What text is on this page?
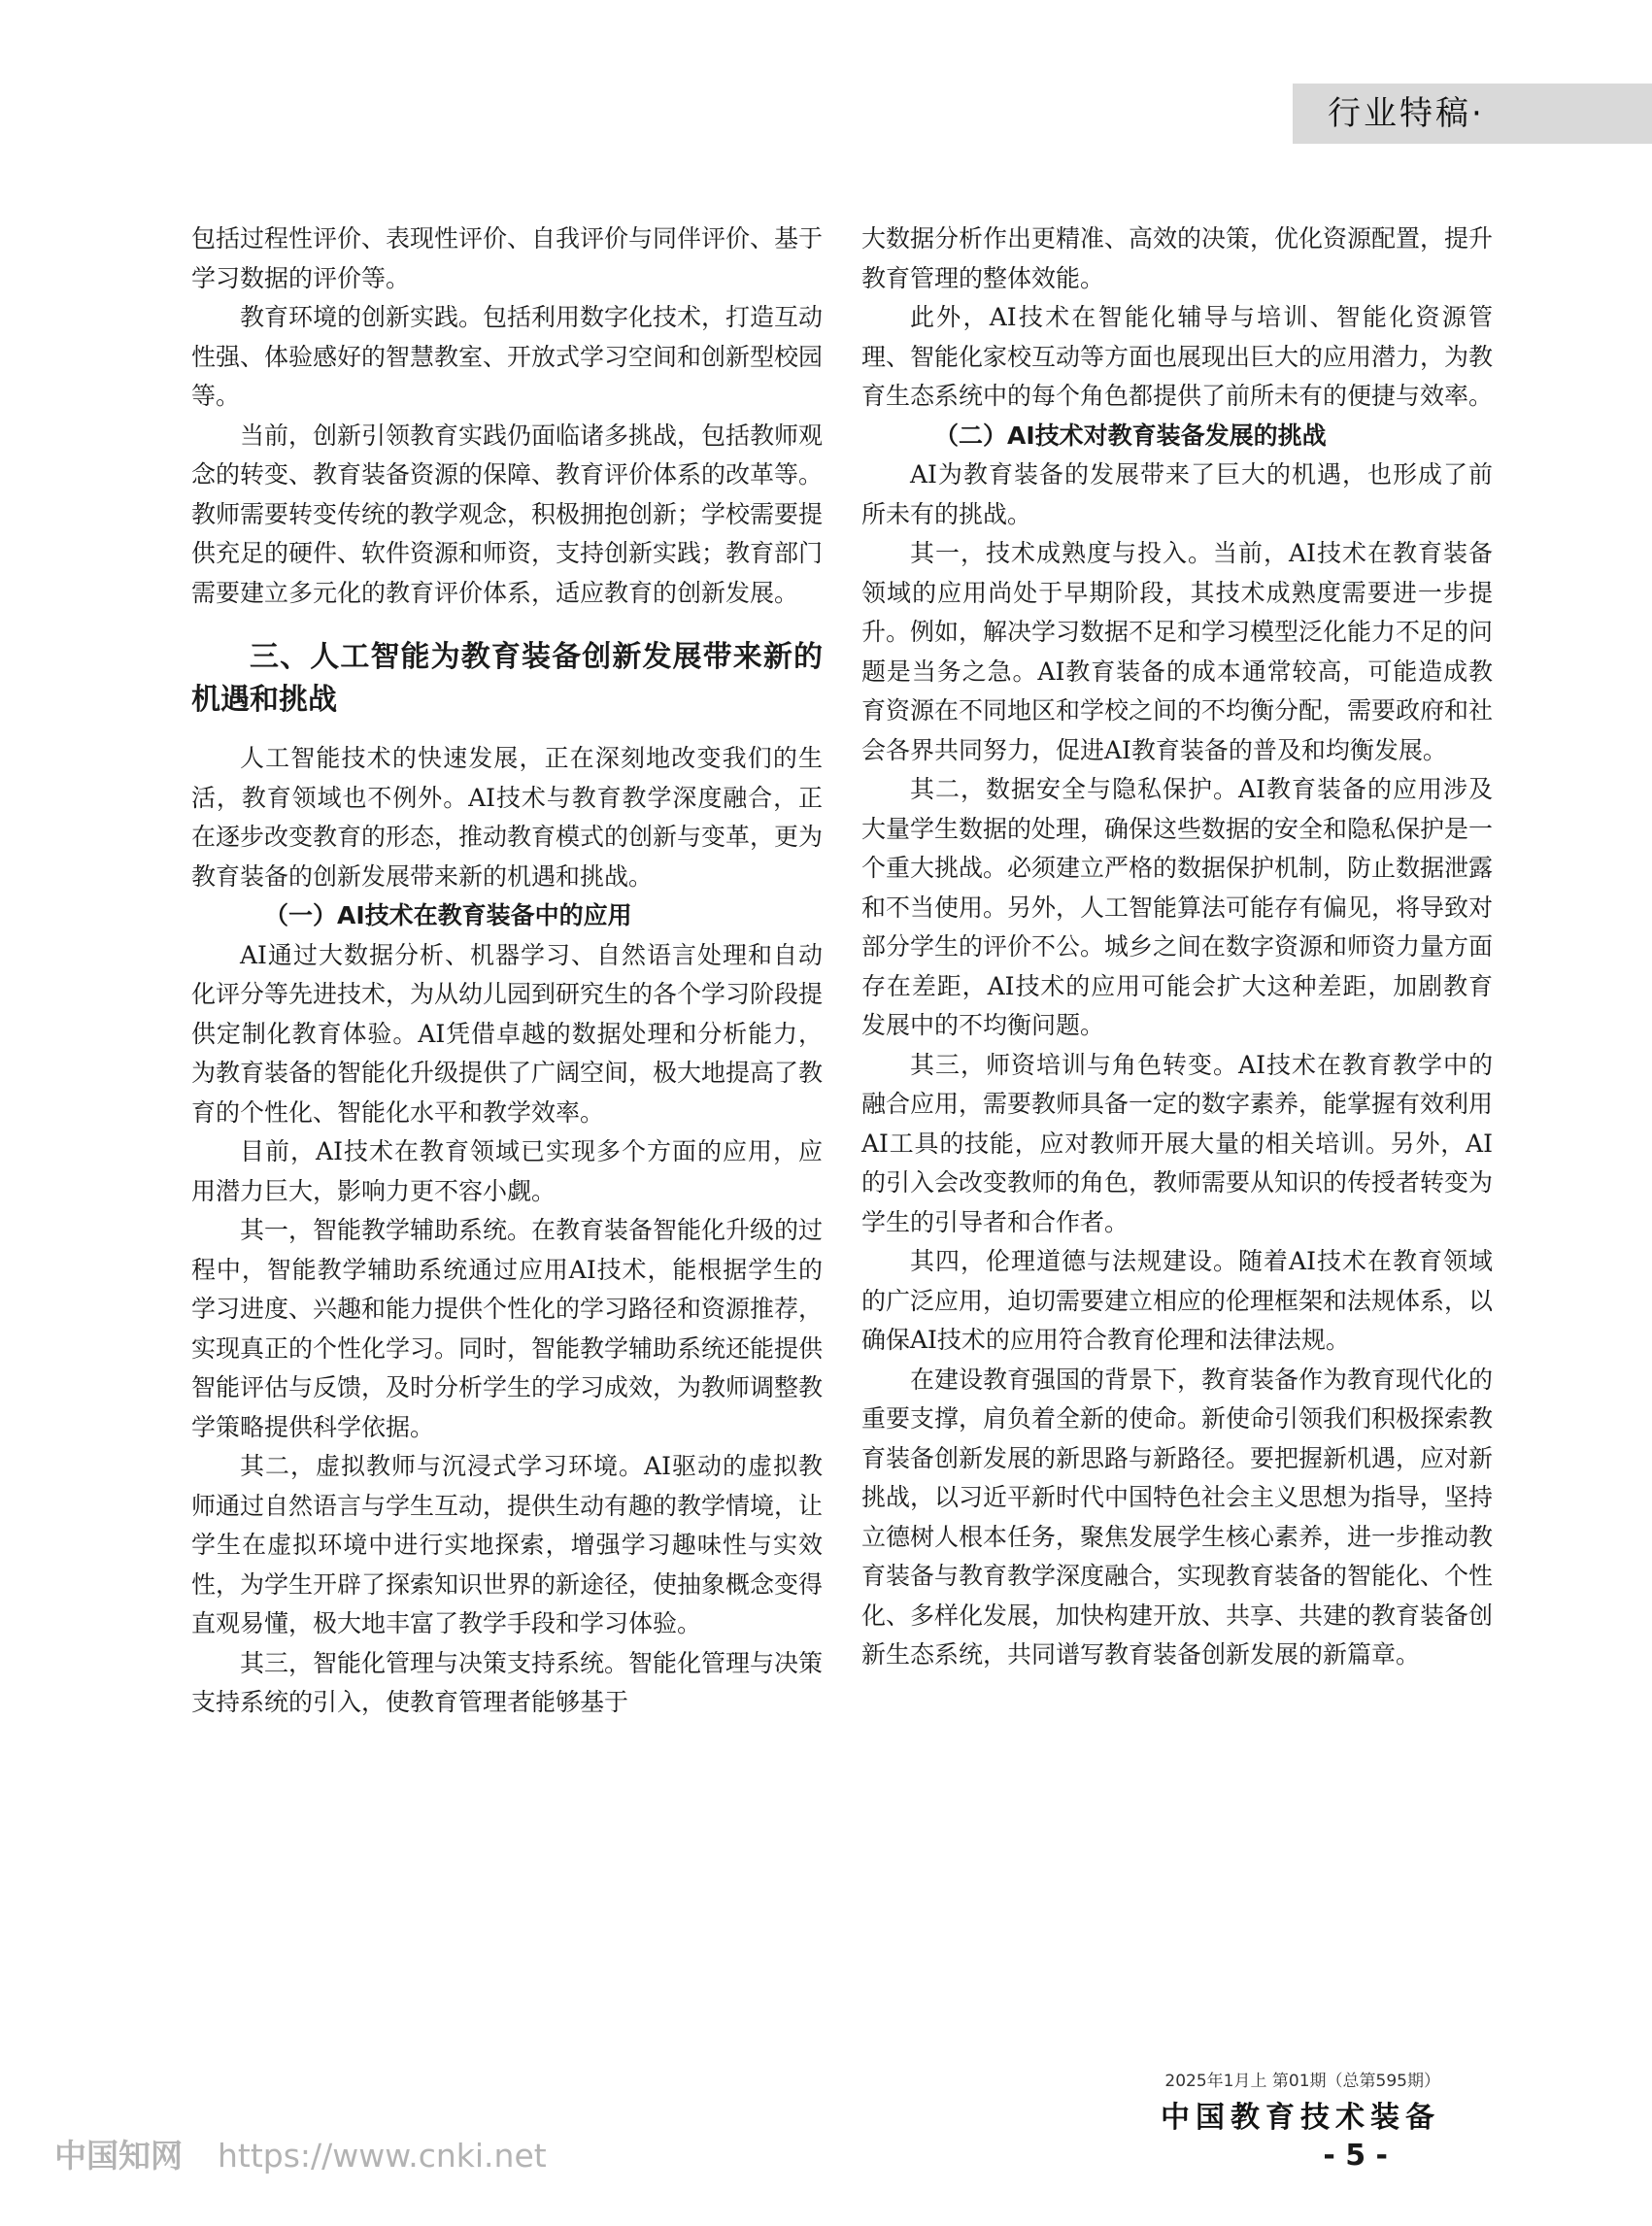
行业特稿·

包括过程性评价、表现性评价、自我评价与同伴评价、基于学习数据的评价等。

教育环境的创新实践。包括利用数字化技术，打造互动性强、体验感好的智慧教室、开放式学习空间和创新型校园等。

当前，创新引领教育实践仍面临诸多挑战，包括教师观念的转变、教育装备资源的保障、教育评价体系的改革等。教师需要转变传统的教学观念，积极拥抱创新；学校需要提供充足的硬件、软件资源和师资，支持创新实践；教育部门需要建立多元化的教育评价体系，适应教育的创新发展。

三、人工智能为教育装备创新发展带来新的机遇和挑战

人工智能技术的快速发展，正在深刻地改变我们的生活，教育领域也不例外。AI技术与教育教学深度融合，正在逐步改变教育的形态，推动教育模式的创新与变革，更为教育装备的创新发展带来新的机遇和挑战。

（一）AI技术在教育装备中的应用

AI通过大数据分析、机器学习、自然语言处理和自动化评分等先进技术，为从幼儿园到研究生的各个学习阶段提供定制化教育体验。AI凭借卓越的数据处理和分析能力，为教育装备的智能化升级提供了广阔空间，极大地提高了教育的个性化、智能化水平和教学效率。

目前，AI技术在教育领域已实现多个方面的应用，应用潜力巨大，影响力更不容小觑。

其一，智能教学辅助系统。在教育装备智能化升级的过程中，智能教学辅助系统通过应用AI技术，能根据学生的学习进度、兴趣和能力提供个性化的学习路径和资源推荐，实现真正的个性化学习。同时，智能教学辅助系统还能提供智能评估与反馈，及时分析学生的学习成效，为教师调整教学策略提供科学依据。

其二，虚拟教师与沉浸式学习环境。AI驱动的虚拟教师通过自然语言与学生互动，提供生动有趣的教学情境，让学生在虚拟环境中进行实地探索，增强学习趣味性与实效性，为学生开辟了探索知识世界的新途径，使抽象概念变得直观易懂，极大地丰富了教学手段和学习体验。

其三，智能化管理与决策支持系统。智能化管理与决策支持系统的引入，使教育管理者能够基于

大数据分析作出更精准、高效的决策，优化资源配置，提升教育管理的整体效能。

此外，AI技术在智能化辅导与培训、智能化资源管理、智能化家校互动等方面也展现出巨大的应用潜力，为教育生态系统中的每个角色都提供了前所未有的便捷与效率。

（二）AI技术对教育装备发展的挑战

AI为教育装备的发展带来了巨大的机遇，也形成了前所未有的挑战。

其一，技术成熟度与投入。当前，AI技术在教育装备领域的应用尚处于早期阶段，其技术成熟度需要进一步提升。例如，解决学习数据不足和学习模型泛化能力不足的问题是当务之急。AI教育装备的成本通常较高，可能造成教育资源在不同地区和学校之间的不均衡分配，需要政府和社会各界共同努力，促进AI教育装备的普及和均衡发展。

其二，数据安全与隐私保护。AI教育装备的应用涉及大量学生数据的处理，确保这些数据的安全和隐私保护是一个重大挑战。必须建立严格的数据保护机制，防止数据泄露和不当使用。另外，人工智能算法可能存有偏见，将导致对部分学生的评价不公。城乡之间在数字资源和师资力量方面存在差距，AI技术的应用可能会扩大这种差距，加剧教育发展中的不均衡问题。

其三，师资培训与角色转变。AI技术在教育教学中的融合应用，需要教师具备一定的数字素养，能掌握有效利用AI工具的技能，应对教师开展大量的相关培训。另外，AI的引入会改变教师的角色，教师需要从知识的传授者转变为学生的引导者和合作者。

其四，伦理道德与法规建设。随着AI技术在教育领域的广泛应用，迫切需要建立相应的伦理框架和法规体系，以确保AI技术的应用符合教育伦理和法律法规。

在建设教育强国的背景下，教育装备作为教育现代化的重要支撑，肩负着全新的使命。新使命引领我们积极探索教育装备创新发展的新思路与新路径。要把握新机遇，应对新挑战，以习近平新时代中国特色社会主义思想为指导，坚持立德树人根本任务，聚焦发展学生核心素养，进一步推动教育装备与教育教学深度融合，实现教育装备的智能化、个性化、多样化发展，加快构建开放、共享、共建的教育装备创新生态系统，共同谱写教育装备创新发展的新篇章。

2025年1月上 第01期（总第595期）
中国教育技术装备
- 5 -
中国知网 https://www.cnki.net
